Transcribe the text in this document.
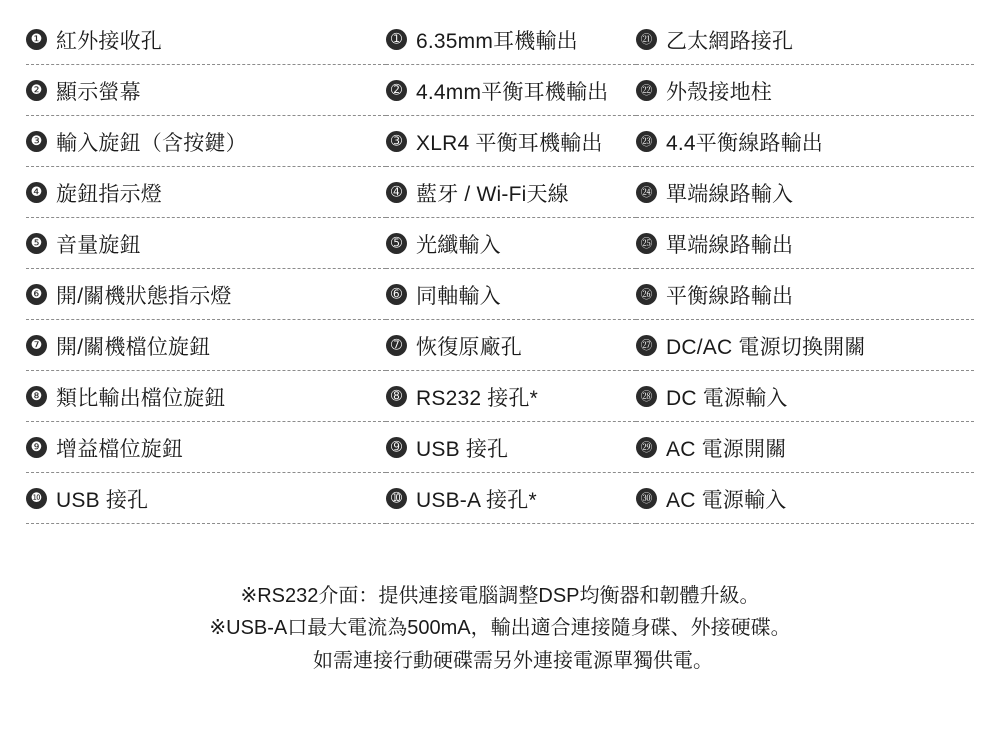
❶ 紅外接收孔	➀ 6.35mm耳機輸出	㉑ 乙太網路接孔
❷ 顯示螢幕	➁ 4.4mm平衡耳機輸出	㉒ 外殼接地柱
❸ 輸入旋鈕（含按鍵）	➂ XLR4 平衡耳機輸出	㉓ 4.4平衡線路輸出
❹ 旋鈕指示燈	➃ 藍牙 / Wi-Fi天線	㉔ 單端線路輸入
❺ 音量旋鈕	➄ 光纖輸入	㉕ 單端線路輸出
❻ 開/關機狀態指示燈	➅ 同軸輸入	㉖ 平衡線路輸出
❼ 開/關機檔位旋鈕	➆ 恢復原廠孔	㉗ DC/AC 電源切換開關
❽ 類比輸出檔位旋鈕	➇ RS232 接孔*	㉘ DC 電源輸入
❾ 增益檔位旋鈕	➈ USB 接孔	㉙ AC 電源開關
❿ USB 接孔	➉ USB-A 接孔*	㉚ AC 電源輸入
※RS232介面：提供連接電腦調整DSP均衡器和韌體升級。
※USB-A口最大電流為500mA，輸出適合連接隨身碟、外接硬碟。
如需連接行動硬碟需另外連接電源單獨供電。
